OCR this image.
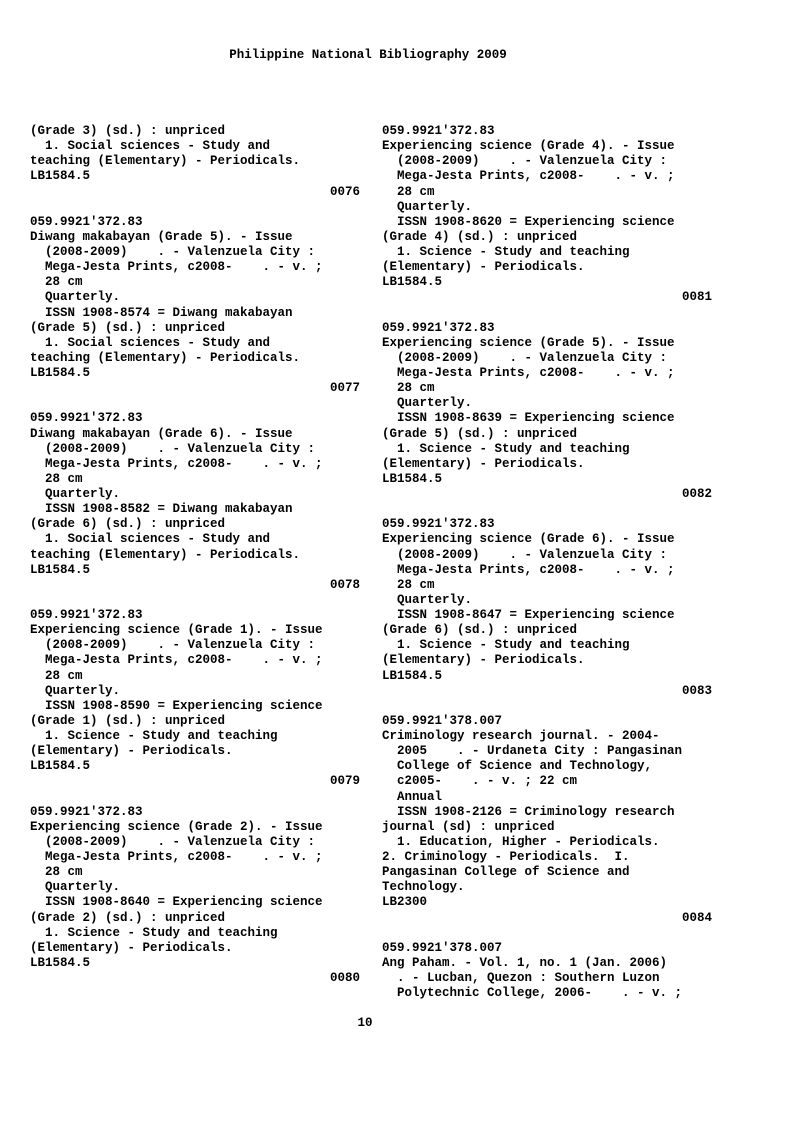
Philippine National Bibliography 2009
(Grade 3) (sd.) : unpriced
1. Social sciences - Study and
teaching (Elementary) - Periodicals.
LB1584.5
0076
059.9921'372.83
Diwang makabayan (Grade 5). - Issue
(2008-2009)    . - Valenzuela City :
Mega-Jesta Prints, c2008-    . - v. ;
28 cm
Quarterly.
ISSN 1908-8574 = Diwang makabayan
(Grade 5) (sd.) : unpriced
1. Social sciences - Study and
teaching (Elementary) - Periodicals.
LB1584.5
0077
059.9921'372.83
Diwang makabayan (Grade 6). - Issue
(2008-2009)    . - Valenzuela City :
Mega-Jesta Prints, c2008-    . - v. ;
28 cm
Quarterly.
ISSN 1908-8582 = Diwang makabayan
(Grade 6) (sd.) : unpriced
1. Social sciences - Study and
teaching (Elementary) - Periodicals.
LB1584.5
0078
059.9921'372.83
Experiencing science (Grade 1). - Issue
(2008-2009)    . - Valenzuela City :
Mega-Jesta Prints, c2008-    . - v. ;
28 cm
Quarterly.
ISSN 1908-8590 = Experiencing science
(Grade 1) (sd.) : unpriced
1. Science - Study and teaching
(Elementary) - Periodicals.
LB1584.5
0079
059.9921'372.83
Experiencing science (Grade 2). - Issue
(2008-2009)    . - Valenzuela City :
Mega-Jesta Prints, c2008-    . - v. ;
28 cm
Quarterly.
ISSN 1908-8640 = Experiencing science
(Grade 2) (sd.) : unpriced
1. Science - Study and teaching
(Elementary) - Periodicals.
LB1584.5
0080
059.9921'372.83
Experiencing science (Grade 4). - Issue
(2008-2009)    . - Valenzuela City :
Mega-Jesta Prints, c2008-    . - v. ;
28 cm
Quarterly.
ISSN 1908-8620 = Experiencing science
(Grade 4) (sd.) : unpriced
1. Science - Study and teaching
(Elementary) - Periodicals.
LB1584.5
0081
059.9921'372.83
Experiencing science (Grade 5). - Issue
(2008-2009)    . - Valenzuela City :
Mega-Jesta Prints, c2008-    . - v. ;
28 cm
Quarterly.
ISSN 1908-8639 = Experiencing science
(Grade 5) (sd.) : unpriced
1. Science - Study and teaching
(Elementary) - Periodicals.
LB1584.5
0082
059.9921'372.83
Experiencing science (Grade 6). - Issue
(2008-2009)    . - Valenzuela City :
Mega-Jesta Prints, c2008-    . - v. ;
28 cm
Quarterly.
ISSN 1908-8647 = Experiencing science
(Grade 6) (sd.) : unpriced
1. Science - Study and teaching
(Elementary) - Periodicals.
LB1584.5
0083
059.9921'378.007
Criminology research journal. - 2004-
2005    . - Urdaneta City : Pangasinan
College of Science and Technology,
c2005-    . - v. ; 22 cm
Annual
ISSN 1908-2126 = Criminology research
journal (sd) : unpriced
1. Education, Higher - Periodicals.
2. Criminology - Periodicals.  I.
Pangasinan College of Science and
Technology.
LB2300
0084
059.9921'378.007
Ang Paham. - Vol. 1, no. 1 (Jan. 2006)
. - Lucban, Quezon : Southern Luzon
Polytechnic College, 2006-    . - v. ;
10
